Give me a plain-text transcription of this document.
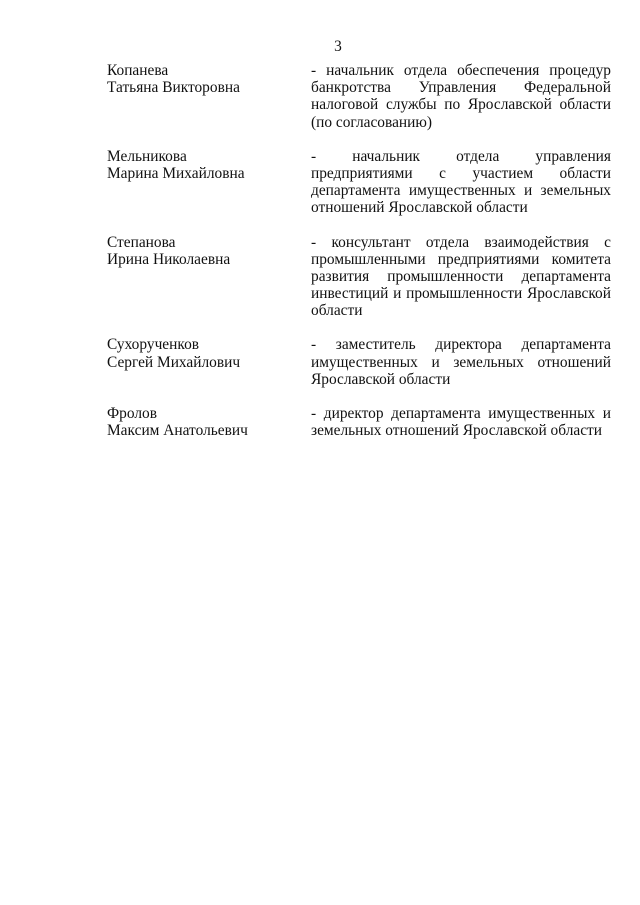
3
Копанева
Татьяна Викторовна
- начальник отдела обеспечения процедур
банкротства Управления Федеральной
налоговой службы по Ярославской области
(по согласованию)
Мельникова
Марина Михайловна
- начальник отдела управления
предприятиями с участием области
департамента имущественных и земельных
отношений Ярославской области
Степанова
Ирина Николаевна
- консультант отдела взаимодействия с
промышленными предприятиями комитета
развития промышленности департамента
инвестиций и промышленности Ярославской
области
Сухорученков
Сергей Михайлович
- заместитель директора департамента
имущественных и земельных отношений
Ярославской области
Фролов
Максим Анатольевич
- директор департамента имущественных и
земельных отношений Ярославской области
